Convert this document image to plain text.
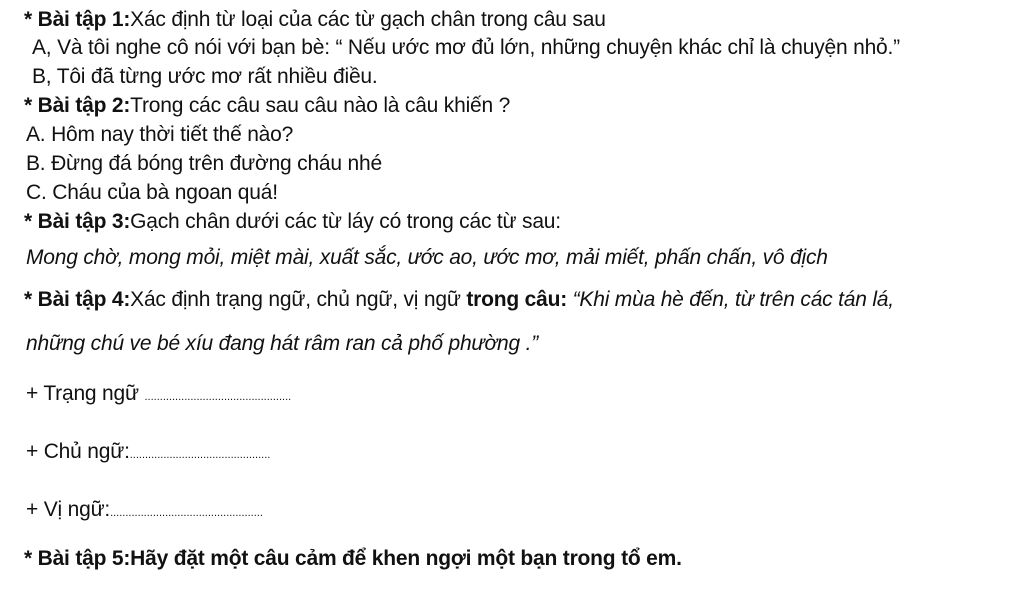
* Bài tập 1:Xác định từ loại của các từ gạch chân trong câu sau
A, Và tôi nghe cô nói với bạn bè: “ Nếu ước mơ đủ lớn, những chuyện khác chỉ là chuyện nhỏ.”
B, Tôi đã từng ước mơ rất nhiều điều.
* Bài tập 2:Trong các câu sau câu nào là câu khiến ?
A. Hôm nay thời tiết thế nào?
B. Đừng đá bóng trên đường cháu nhé
C. Cháu của bà ngoan quá!
* Bài tập 3:Gạch chân dưới các từ láy có trong các từ sau:
Mong chờ, mong mỏi, miệt mài, xuất sắc, ước ao, ước mơ, mải miết, phấn chấn, vô địch
* Bài tập 4:Xác định trạng ngữ, chủ ngữ, vị ngữ trong câu: “Khi mùa hè đến, từ trên các tán lá,
những chú ve bé xíu đang hát râm ran cả phố phường .”
+ Trạng ngữ ................................................
+ Chủ ngữ:..............................................
+ Vị ngữ:..................................................
* Bài tập 5:Hãy đặt một câu cảm để khen ngợi một bạn trong tổ em.
